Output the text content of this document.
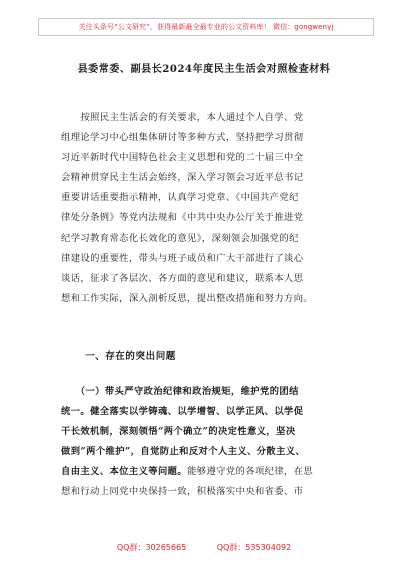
关注头条号“公文研究”，获得最新最全最专业的公文资料库！ 微信：gongwenyj
县委常委、副县长2024年度民主生活会对照检查材料
　　按照民主生活会的有关要求，本人通过个人自学、党
组理论学习中心组集体研讨等多种方式，坚持把学习贯彻
习近平新时代中国特色社会主义思想和党的二十届三中全
会精神贯穿民主生活会始终，深入学习领会习近平总书记
重要讲话重要指示精神，认真学习党章、《中国共产党纪
律处分条例》等党内法规和《中共中央办公厅关于推进党
纪学习教育常态化长效化的意见》，深刻领会加强党的纪
律建设的重要性，带头与班子成员和广大干部进行了谈心
谈话，征求了各层次、各方面的意见和建议，联系本人思
想和工作实际，深入剖析反思，提出整改措施和努力方向。
一、存在的突出问题
　　（一）带头严守政治纪律和政治规矩，维护党的团结
统一。健全落实以学铸魂、以学增智、以学正风、以学促
干长效机制，深刻领悟“两个确立”的决定性意义，坚决
做到“两个维护”，自觉防止和反对个人主义、分散主义、
自由主义、本位主义等问题。能够遵守党的各项纪律，在思
想和行动上同党中央保持一致，积极落实中央和省委、市
QQ群：30265665	QQ群：535304092
